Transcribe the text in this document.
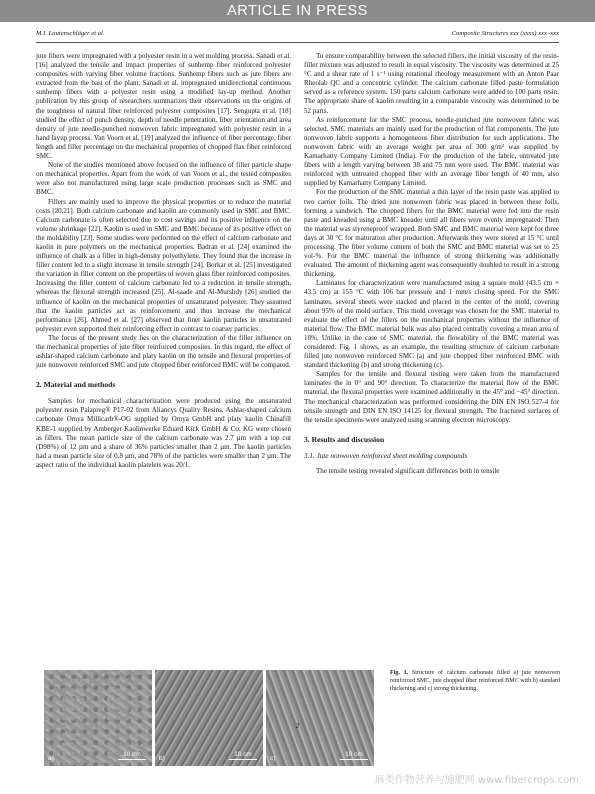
ARTICLE IN PRESS
M.I. Lautenschläger et al.	Composite Structures xxx (xxxx) xxx–xxx

jute fibers were impregnated with a polyester resin in a wet molding process. Sanadi et al. [16] analyzed the tensile and impact properties of sunhemp fiber reinforced polyester composites with varying fiber volume fractions. Sunhemp fibers such as jute fibers are extracted from the bast of the plant. Sanadi et al. impregnated unidirectional continuous sunhemp fibers with a polyester resin using a modified lay-up method. Another publication by this group of researchers summarizes their observations on the origins of the toughness of natural fiber reinforced polyester composites [17]. Sengupta et al. [18] studied the effect of punch density, depth of needle penetration, fiber orientation and area density of jute needle-punched nonwoven fabric impregnated with polyester resin in a hand layup process. Van Voorn et al. [19] analyzed the influence of fiber percentage, fiber length and filler percentage on the mechanical properties of chopped flax fiber reinforced SMC.

None of the studies mentioned above focused on the influence of filler particle shape on mechanical properties. Apart from the work of van Voorn et al., the tested composites were also not manufactured using large scale production processes such as SMC and BMC.

Fillers are mainly used to improve the physical properties or to reduce the material costs [20,21]. Both calcium carbonate and kaolin are commonly used in SMC and BMC. Calcium carbonate is often selected due to cost savings and its positive influence on the volume shrinkage [22]. Kaolin is used in SMC and BMC because of its positive effect on the moldability [23]. Some studies were performed on the effect of calcium carbonate and kaolin in pure polymers on the mechanical properties. Badran et al. [24] examined the influence of chalk as a filler in high-density polyethylene. They found that the increase in filler content led to a slight increase in tensile strength [24]. Borkar et al. [25] investigated the variation in filler content on the properties of woven glass fiber reinforced composites. Increasing the filler content of calcium carbonate led to a reduction in tensile strength, whereas the flexural strength increased [25]. Al-saade and Al-Murshdy [26] studied the influence of kaolin on the mechanical properties of unsaturated polyester. They assumed that the kaolin particles act as reinforcement and thus increase the mechanical performance [26]. Ahmed et al. [27] observed that finer kaolin particles in unsaturated polyester even supported their reinforcing effect in contrast to coarser particles.

The focus of the present study lies on the characterization of the filler influence on the mechanical properties of jute fiber reinforced composites. In this regard, the effect of ashlar-shaped calcium carbonate and platy kaolin on the tensile and flexural properties of jute nonwoven reinforced SMC and jute chopped fiber reinforced BMC will be compared.

2. Material and methods

Samples for mechanical characterization were produced using the unsaturated polyester resin Palapreg® P17-02 from Aliancys Quality Resins. Ashlar-shaped calcium carbonate Omya Millicarb®-OG supplied by Omya GmbH and platy kaolin Chinafill KBE-1 supplied by Amberger Kaolinwerke Eduard Kick GmbH & Co. KG were chosen as fillers. The mean particle size of the calcium carbonate was 2.7 µm with a top cut (D98%) of 12 µm and a share of 36% particles smaller than 2 µm. The kaolin particles had a mean particle size of 0.8 µm, and 78% of the particles were smaller than 2 µm. The aspect ratio of the individual kaolin platelets was 20/1.

To ensure comparability between the selected fillers, the initial viscosity of the resin-filler mixture was adjusted to result in equal viscosity. The viscosity was determined at 25 °C and a shear rate of 1 s⁻¹ using rotational rheology measurement with an Anton Paar Rheolab QC and a concentric cylinder. The calcium carbonate filled paste formulation served as a reference system. 150 parts calcium carbonate were added to 100 parts resin. The appropriate share of kaolin resulting in a comparable viscosity was determined to be 52 parts.

As reinforcement for the SMC process, needle-punched jute nonwoven fabric was selected. SMC materials are mainly used for the production of flat components. The jute nonwoven fabric supports a homogeneous fiber distribution for such applications. The nonwoven fabric with an average weight per area of 300 g/m² was supplied by Kamarhatty Company Limited (India). For the production of the fabric, untreated jute fibers with a length varying between 38 and 75 mm were used. The BMC material was reinforced with untreated chopped fiber with an average fiber length of 40 mm, also supplied by Kamarhatty Company Limited.

For the production of the SMC material a thin layer of the resin paste was applied to two carrier foils. The dried jute nonwoven fabric was placed in between these foils, forming a sandwich. The chopped fibers for the BMC material were fed into the resin paste and kneaded using a BMC kneader until all fibers were evenly impregnated. Then the material was styreneproof wrapped. Both SMC and BMC material were kept for three days at 30 °C for maturation after production. Afterwards they were stored at 15 °C until processing. The fiber volume content of both the SMC and BMC material was set to 25 vol-%. For the BMC material the influence of strong thickening was additionally evaluated. The amount of thickening agent was consequently doubled to result in a strong thickening.

Laminates for characterization were manufactured using a square mold (43.5 cm × 43.5 cm) at 155 °C with 106 bar pressure and 1 mm/s closing speed. For the SMC laminates, several sheets were stacked and placed in the center of the mold, covering about 95% of the mold surface. This mold coverage was chosen for the SMC material to evaluate the effect of the fillers on the mechanical properties without the influence of material flow. The BMC material bulk was also placed centrally covering a mean area of 18%. Unlike in the case of SMC material, the flowability of the BMC material was considered. Fig. 1 shows, as an example, the resulting structure of calcium carbonate filled jute nonwoven reinforced SMC (a) and jute chopped fiber reinforced BMC with standard thickening (b) and strong thickening (c).

Samples for the tensile and flexural testing were taken from the manufactured laminates the in 0° and 90° direction. To characterize the material flow of the BMC material, the flexural properties were examined additionally in the 45° and −45° direction. The mechanical characterization was performed considering the DIN EN ISO 527-4 for tensile strength and DIN EN ISO 14125 for flexural strength. The fractured surfaces of the tensile specimens were analyzed using scanning electron microscopy.

3. Results and discussion
3.1. Jute nonwoven reinforced sheet molding compounds

The tensile testing revealed significant differences both in tensile

a)
10 cm
b)
10 cm
c)
10 cm
Fig. 1. Structure of calcium carbonate filled a) jute nonwoven reinforced SMC, jute chopped fiber reinforced BMC with b) standard thickening and c) strong thickening.
2
麻类作物营养与施肥网 www.fibercrops.com
